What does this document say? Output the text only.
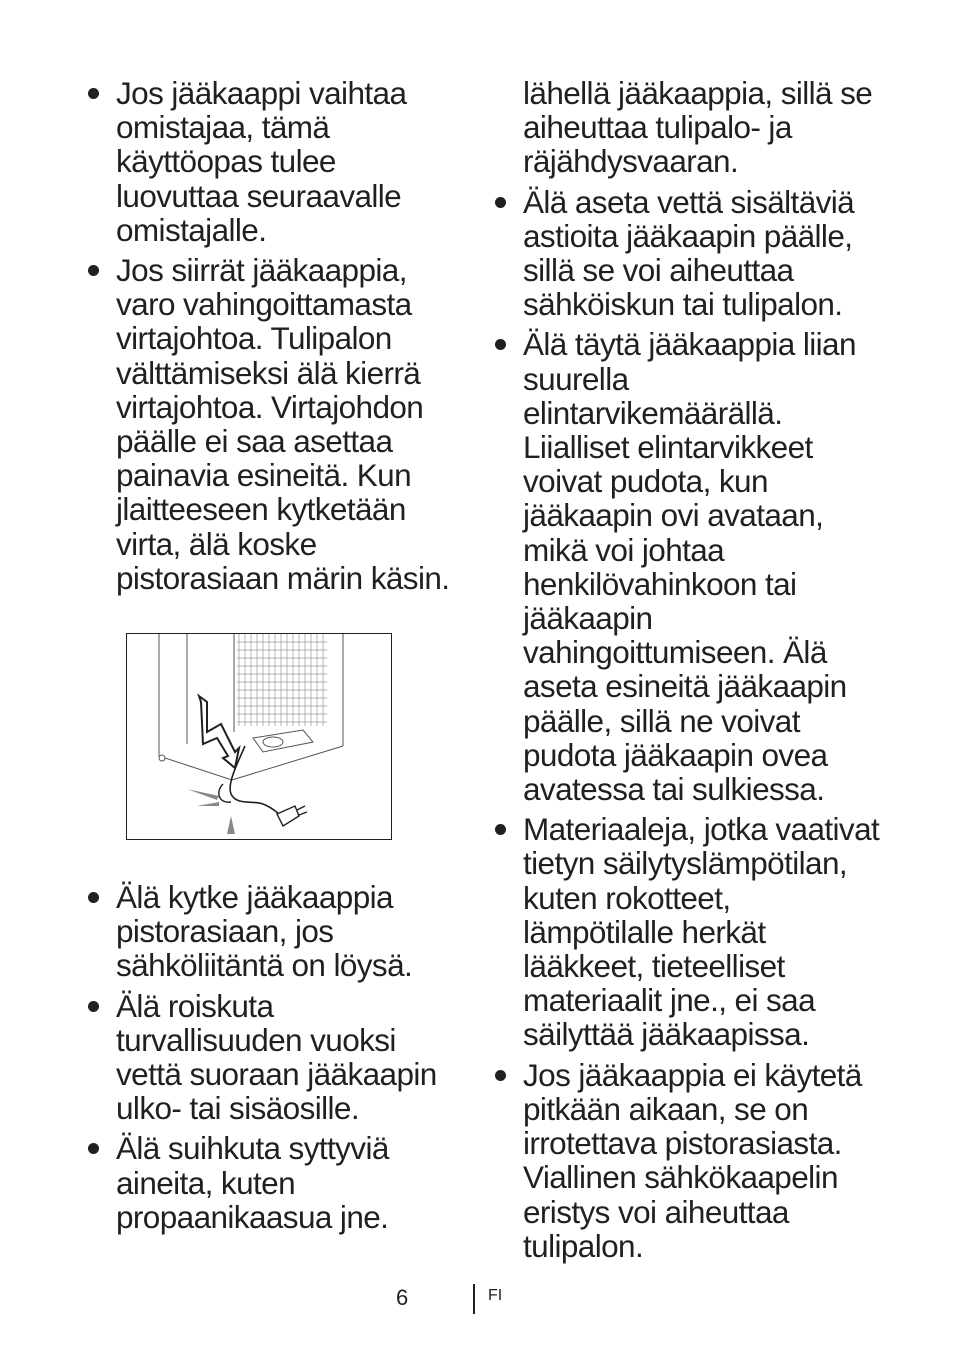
Jos jääkaappi vaihtaa omistajaa, tämä käyttöopas tulee luovuttaa seuraavalle omistajalle.
Jos siirrät jääkaappia, varo vahingoittamasta virtajohtoa. Tulipalon välttämiseksi älä kierrä virtajohtoa. Virtajohdon päälle ei saa asettaa painavia esineitä. Kun jlaitteeseen kytketään virta, älä koske pistorasiaan märin käsin.
Älä kytke jääkaappia pistorasiaan, jos sähköliitäntä on löysä.
Älä roiskuta turvallisuuden vuoksi vettä suoraan jääkaapin ulko- tai sisäosille.
Älä suihkuta syttyviä aineita, kuten propaanikaasua jne.
lähellä jääkaappia, sillä se aiheuttaa tulipalo- ja räjähdysvaaran.
Älä aseta vettä sisältäviä astioita jääkaapin päälle, sillä se voi aiheuttaa sähköiskun tai tulipalon.
Älä täytä jääkaappia liian suurella elintarvikemäärällä. Liialliset elintarvikkeet voivat pudota, kun jääkaapin ovi avataan, mikä voi johtaa henkilövahinkoon tai jääkaapin vahingoittumiseen. Älä aseta esineitä jääkaapin päälle, sillä ne voivat pudota jääkaapin ovea avatessa tai sulkiessa.
Materiaaleja, jotka vaativat tietyn säilytyslämpötilan, kuten rokotteet, lämpötilalle herkät lääkkeet, tieteelliset materiaalit jne., ei saa säilyttää jääkaapissa.
Jos jääkaappia ei käytetä pitkään aikaan, se on irrotettava pistorasiasta. Viallinen sähkökaapelin eristys voi aiheuttaa tulipalon.
6	FI
